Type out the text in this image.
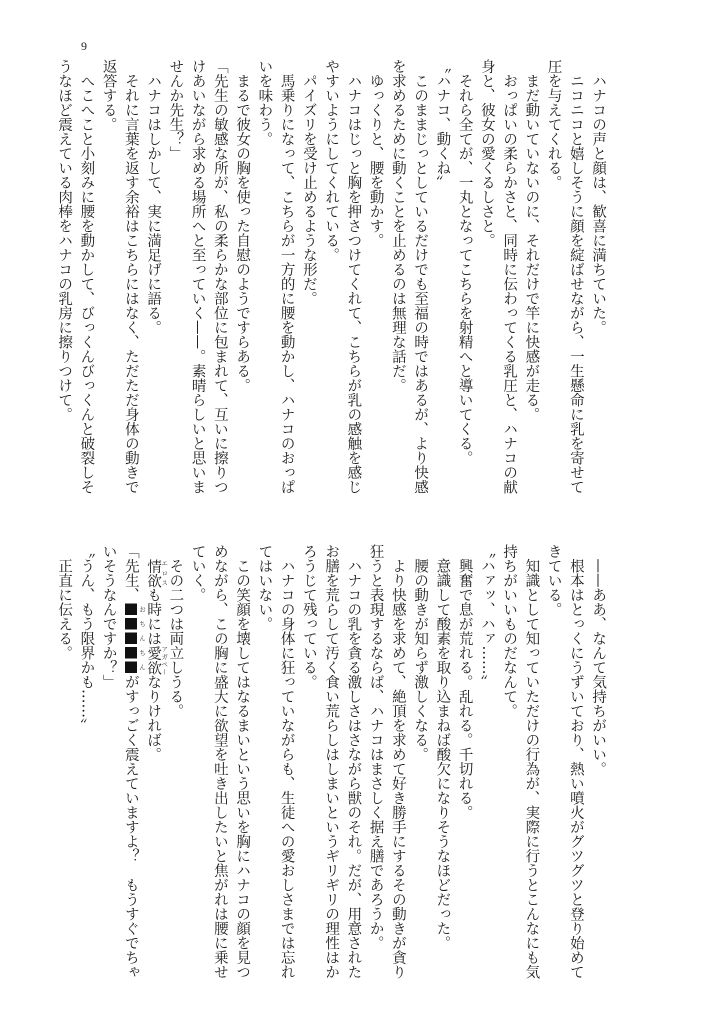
9
　ハナコの声と顔は、歓喜に満ちていた。
　ニコニコと嬉しそうに顔を綻ばせながら、一生懸命に乳を寄せて
圧を与えてくれる。
　まだ動いていないのに、それだけで竿に快感が走る。
　おっぱいの柔らかさと、同時に伝わってくる乳圧と、ハナコの献
身と、彼女の愛くるしさと。
　それら全てが、一丸となってこちらを射精へと導いてくる。
〝ハナコ、動くね〟
　このままじっとしているだけでも至福の時ではあるが、より快感
を求めるために動くことを止めるのは無理な話だ。
　ゆっくりと、腰を動かす。
　ハナコはじっと胸を押さつけてくれて、こちらが乳の感触を感じ
やすいようにしてくれている。
　パイズリを受け止めるような形だ。
　馬乗りになって、こちらが一方的に腰を動かし、ハナコのおっぱ
いを味わう。
　まるで彼女の胸を使った自慰のようですらある。
「先生の敏感な所が、私の柔らかな部位に包まれて、互いに擦りつ
けあいながら求める場所へと至っていく——。素晴らしいと思いま
せんか先生？」
　ハナコはしかして、実に満足げに語る。
　それに言葉を返す余裕はこちらにはなく、ただただ身体の動きで
返答する。
　へこへこと小刻みに腰を動かして、びっくんびっくんと破裂しそ
うなほど震えている肉棒をハナコの乳房に擦りつけて。
　——ああ、なんて気持ちがいい。
　根本はとっくにうずいており、熱い噴火がグツグツと登り始めて
きている。
　知識として知っていただけの行為が、実際に行うとこんなにも気
持ちがいいものだなんて。
〝ハァッ、ハァ……〟
　興奮で息が荒れる。乱れる。千切れる。
　意識して酸素を取り込まねば酸欠になりそうなほどだった。
　腰の動きが知らず激しくなる。
　より快感を求めて、絶頂を求めて好き勝手にするその動きが貪り
狂うと表現するならば、ハナコはまさしく据え膳であろうか。
　ハナコの乳を貪る激しさはさながら獣のそれ。だが、用意された
お膳を荒らして汚く食い荒らしはしまいというギリギリの理性はか
ろうじて残っている。
　ハナコの身体に狂っていながらも、生徒への愛おしさまでは忘れ
てはいない。
　この笑顔を壊してはなるまいという思いを胸にハナコの顔を見つ
めながら、この胸に盛大に欲望を吐き出したいと焦がれは腰に乗せ
ていく。
　その二つは両立しうる。
　情欲 エロス
も時には愛欲 アガペー
なりければ。
「先生、
おちんちん
がすっごく震えていますよ？　もうすぐでちゃ
いそうなんですか？」
〝うん、もう限界かも……〟
　正直に伝える。
